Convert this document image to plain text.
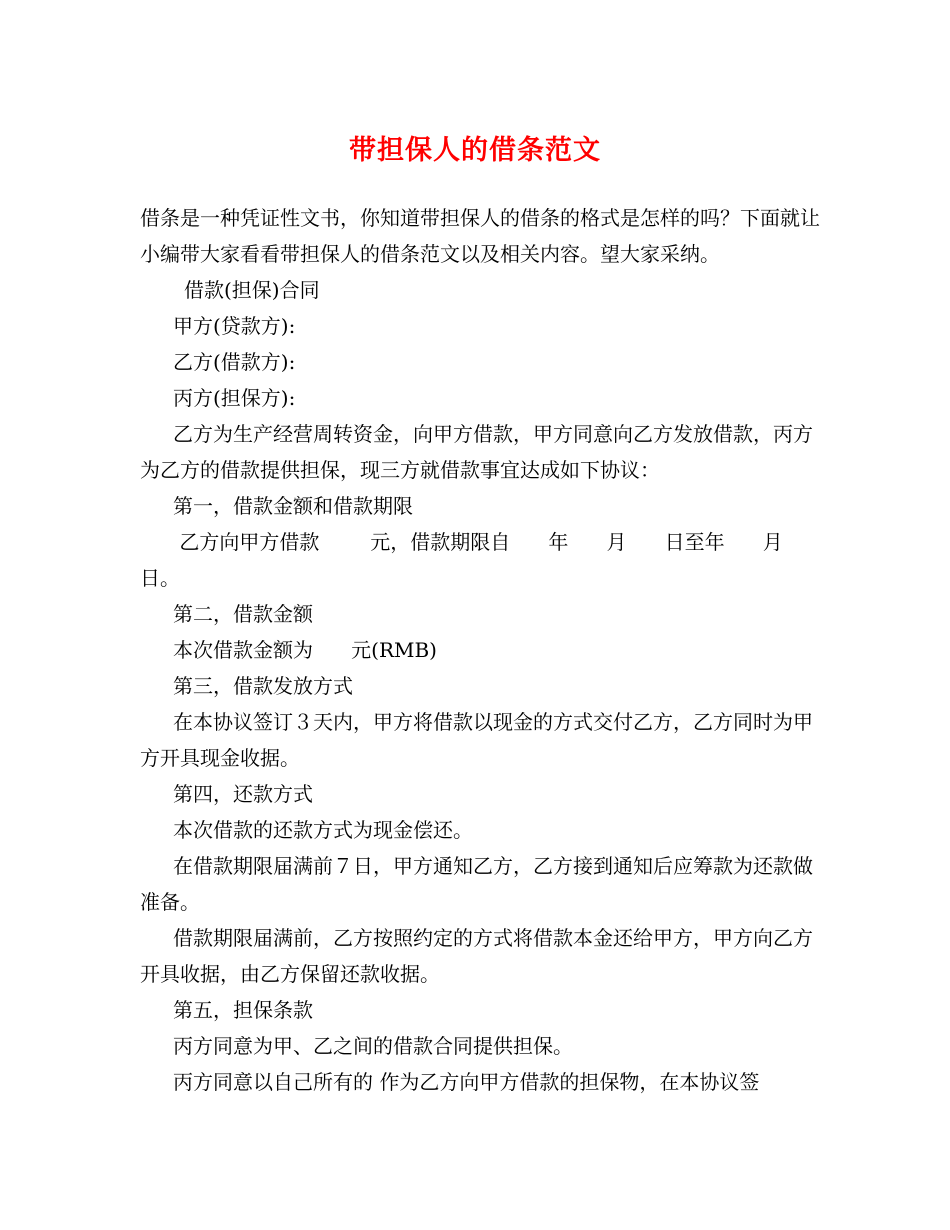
带担保人的借条范文

借条是一种凭证性文书，你知道带担保人的借条的格式是怎样的吗？下面就让小编带大家看看带担保人的借条范文以及相关内容。望大家采纳。

借款(担保)合同

甲方(贷款方):

乙方(借款方):

丙方(担保方):

乙方为生产经营周转资金，向甲方借款，甲方同意向乙方发放借款，丙方为乙方的借款提供担保，现三方就借款事宜达成如下协议：

第一，借款金额和借款期限

乙方向甲方借款        元，借款期限自      年      月      日至年      月      日。

第二，借款金额

本次借款金额为      元(RMB)

第三，借款发放方式

在本协议签订３天内，甲方将借款以现金的方式交付乙方，乙方同时为甲方开具现金收据。

第四，还款方式

本次借款的还款方式为现金偿还。

在借款期限届满前７日，甲方通知乙方，乙方接到通知后应筹款为还款做准备。

借款期限届满前，乙方按照约定的方式将借款本金还给甲方，甲方向乙方开具收据，由乙方保留还款收据。

第五，担保条款

丙方同意为甲、乙之间的借款合同提供担保。

丙方同意以自己所有的 作为乙方向甲方借款的担保物，在本协议签
